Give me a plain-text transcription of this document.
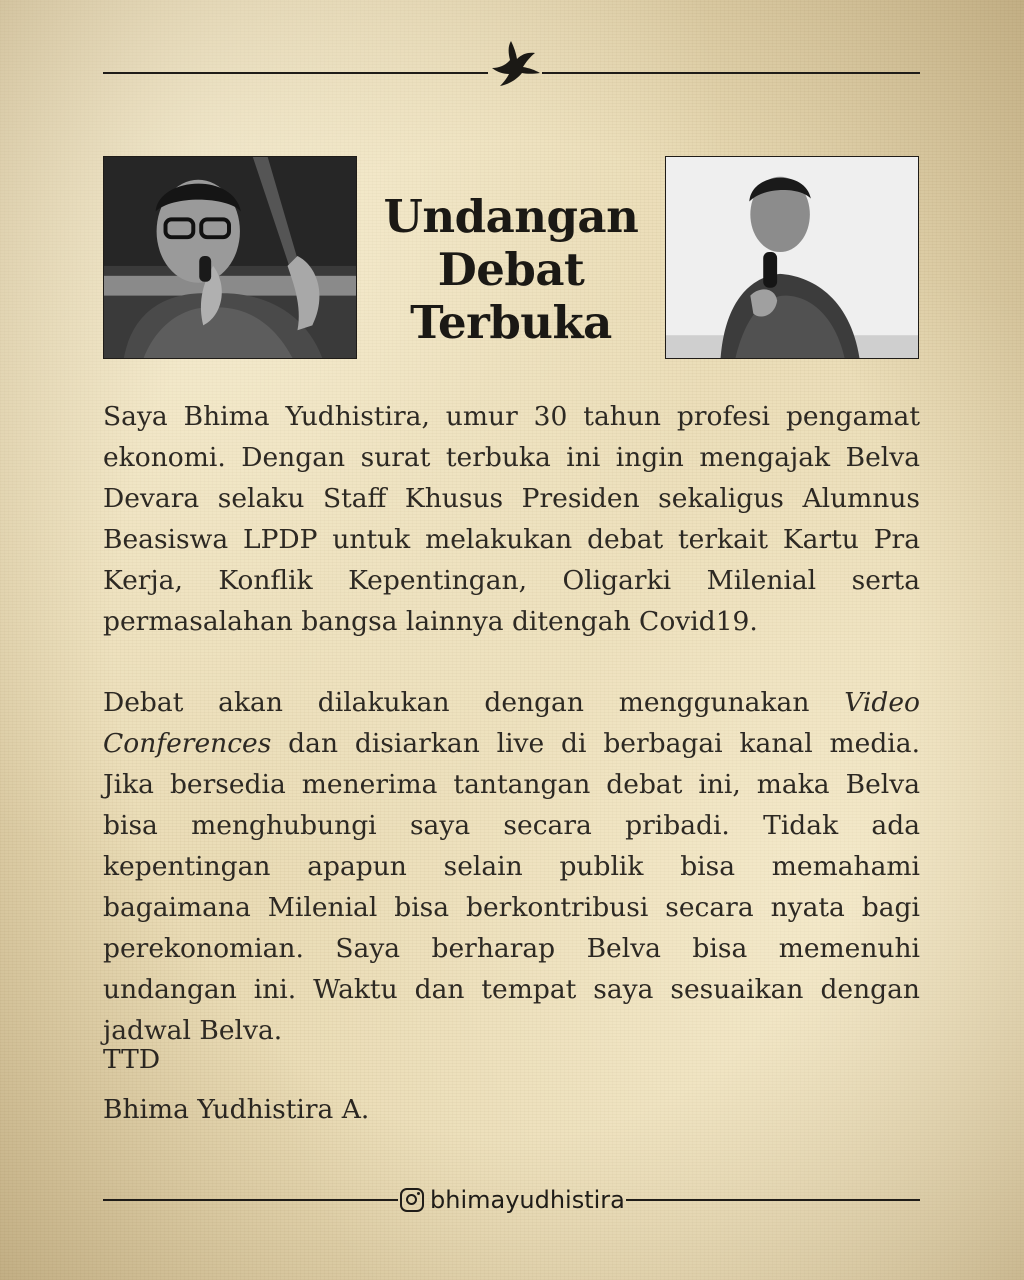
Undangan
Debat
Terbuka

Saya Bhima Yudhistira, umur 30 tahun profesi pengamat ekonomi. Dengan surat terbuka ini ingin mengajak Belva Devara selaku Staff Khusus Presiden sekaligus Alumnus Beasiswa LPDP untuk melakukan debat terkait Kartu Pra Kerja, Konflik Kepentingan, Oligarki Milenial serta permasalahan bangsa lainnya ditengah Covid19.

Debat akan dilakukan dengan menggunakan Video Conferences dan disiarkan live di berbagai kanal media. Jika bersedia menerima tantangan debat ini, maka Belva bisa menghubungi saya secara pribadi. Tidak ada kepentingan apapun selain publik bisa memahami bagaimana Milenial bisa berkontribusi secara nyata bagi perekonomian. Saya berharap Belva bisa memenuhi undangan ini. Waktu dan tempat saya sesuaikan dengan jadwal Belva.

TTD
Bhima Yudhistira A.
bhimayudhistira
